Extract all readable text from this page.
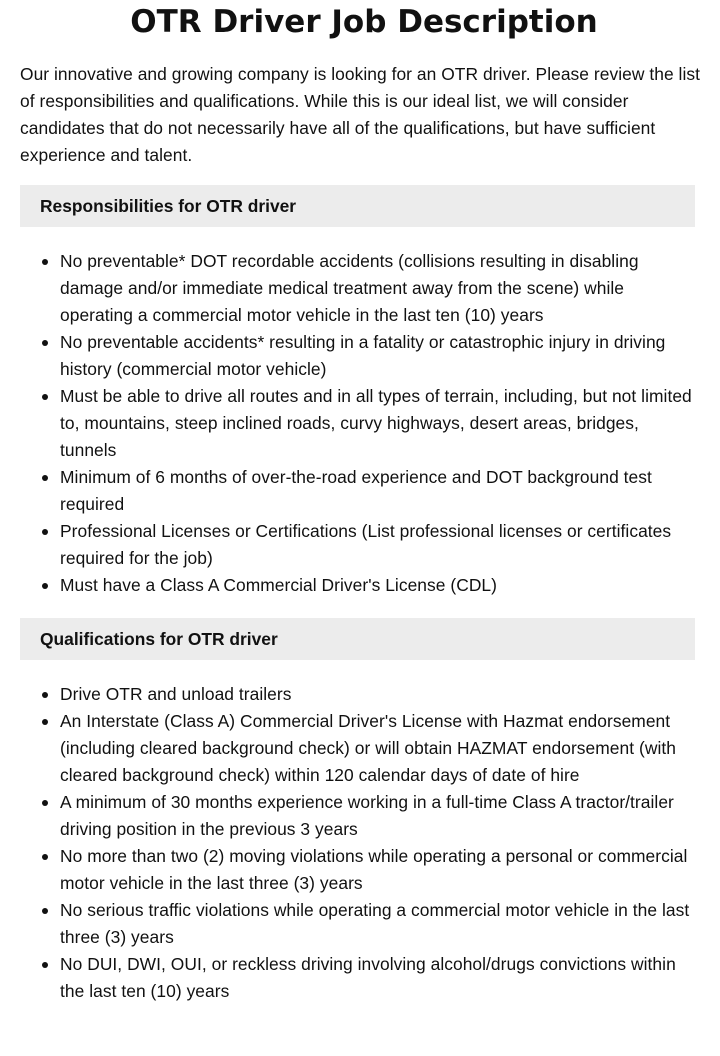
OTR Driver Job Description

Our innovative and growing company is looking for an OTR driver. Please review the list of responsibilities and qualifications. While this is our ideal list, we will consider candidates that do not necessarily have all of the qualifications, but have sufficient experience and talent.

Responsibilities for OTR driver
No preventable* DOT recordable accidents (collisions resulting in disabling damage and/or immediate medical treatment away from the scene) while operating a commercial motor vehicle in the last ten (10) years
No preventable accidents* resulting in a fatality or catastrophic injury in driving history (commercial motor vehicle)
Must be able to drive all routes and in all types of terrain, including, but not limited to, mountains, steep inclined roads, curvy highways, desert areas, bridges, tunnels
Minimum of 6 months of over-the-road experience and DOT background test required
Professional Licenses or Certifications (List professional licenses or certificates required for the job)
Must have a Class A Commercial Driver's License (CDL)
Qualifications for OTR driver
Drive OTR and unload trailers
An Interstate (Class A) Commercial Driver's License with Hazmat endorsement (including cleared background check) or will obtain HAZMAT endorsement (with cleared background check) within 120 calendar days of date of hire
A minimum of 30 months experience working in a full-time Class A tractor/trailer driving position in the previous 3 years
No more than two (2) moving violations while operating a personal or commercial motor vehicle in the last three (3) years
No serious traffic violations while operating a commercial motor vehicle in the last three (3) years
No DUI, DWI, OUI, or reckless driving involving alcohol/drugs convictions within the last ten (10) years
